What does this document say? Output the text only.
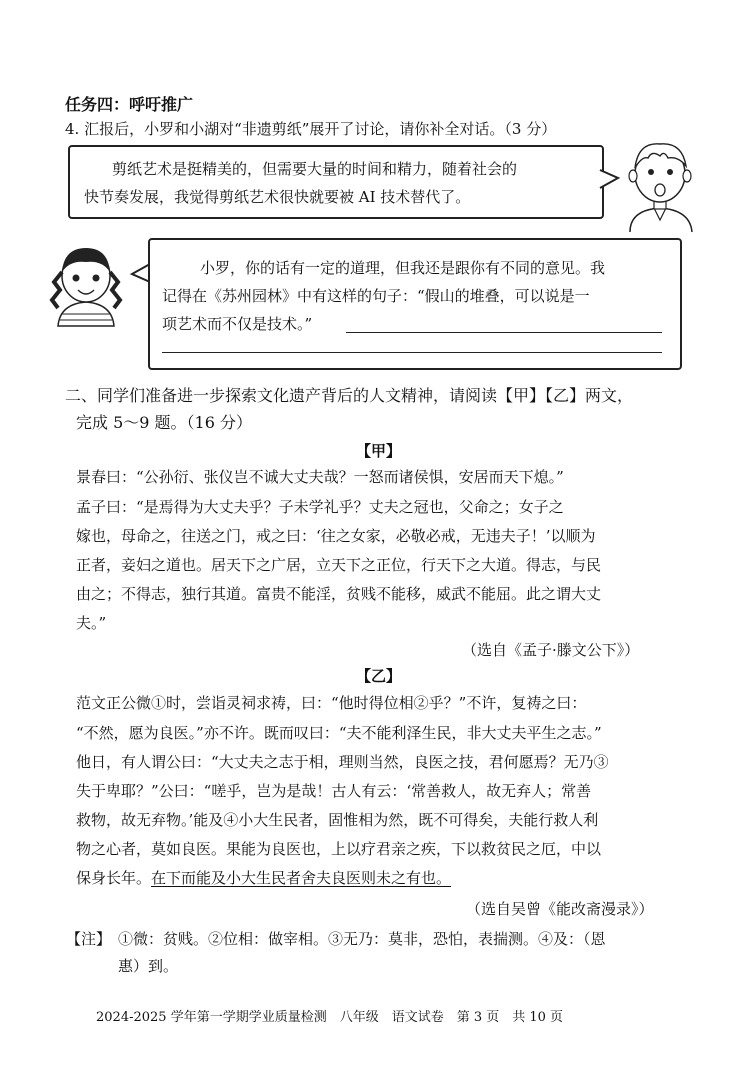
任务四：呼吁推广
4. 汇报后，小罗和小湖对“非遗剪纸”展开了讨论，请你补全对话。（3 分）
剪纸艺术是挺精美的，但需要大量的时间和精力，随着社会的
快节奏发展，我觉得剪纸艺术很快就要被 AI 技术替代了。
小罗，你的话有一定的道理，但我还是跟你有不同的意见。我
记得在《苏州园林》中有这样的句子：“假山的堆叠，可以说是一
项艺术而不仅是技术。”
二、同学们准备进一步探索文化遗产背后的人文精神，请阅读【甲】【乙】两文，
完成 5～9 题。（16 分）
【甲】
景春曰：“公孙衍、张仪岂不诚大丈夫哉？一怒而诸侯惧，安居而天下熄。”
孟子曰：“是焉得为大丈夫乎？子未学礼乎？丈夫之冠也，父命之；女子之
嫁也，母命之，往送之门，戒之曰：‘往之女家，必敬必戒，无违夫子！’以顺为
正者，妾妇之道也。居天下之广居，立天下之正位，行天下之大道。得志，与民
由之；不得志，独行其道。富贵不能淫，贫贱不能移，威武不能屈。此之谓大丈
夫。”
（选自《孟子·滕文公下》）
【乙】
范文正公微①时，尝诣灵祠求祷，曰：“他时得位相②乎？”不许，复祷之曰：
“不然，愿为良医。”亦不许。既而叹曰：“夫不能利泽生民，非大丈夫平生之志。”
他日，有人谓公曰：“大丈夫之志于相，理则当然，良医之技，君何愿焉？无乃③
失于卑耶？”公曰：“嗟乎，岂为是哉！古人有云：‘常善救人，故无弃人；常善
救物，故无弃物。’能及④小大生民者，固惟相为然，既不可得矣，夫能行救人利
物之心者，莫如良医。果能为良医也，上以疗君亲之疾，下以救贫民之厄，中以
保身长年。在下而能及小大生民者舍夫良医则未之有也。
（选自吴曾《能改斋漫录》）
【注】 ①微：贫贱。②位相：做宰相。③无乃：莫非，恐怕，表揣测。④及：（恩
惠）到。
2024-2025 学年第一学期学业质量检测　八年级　语文试卷　第 3 页　共 10 页
